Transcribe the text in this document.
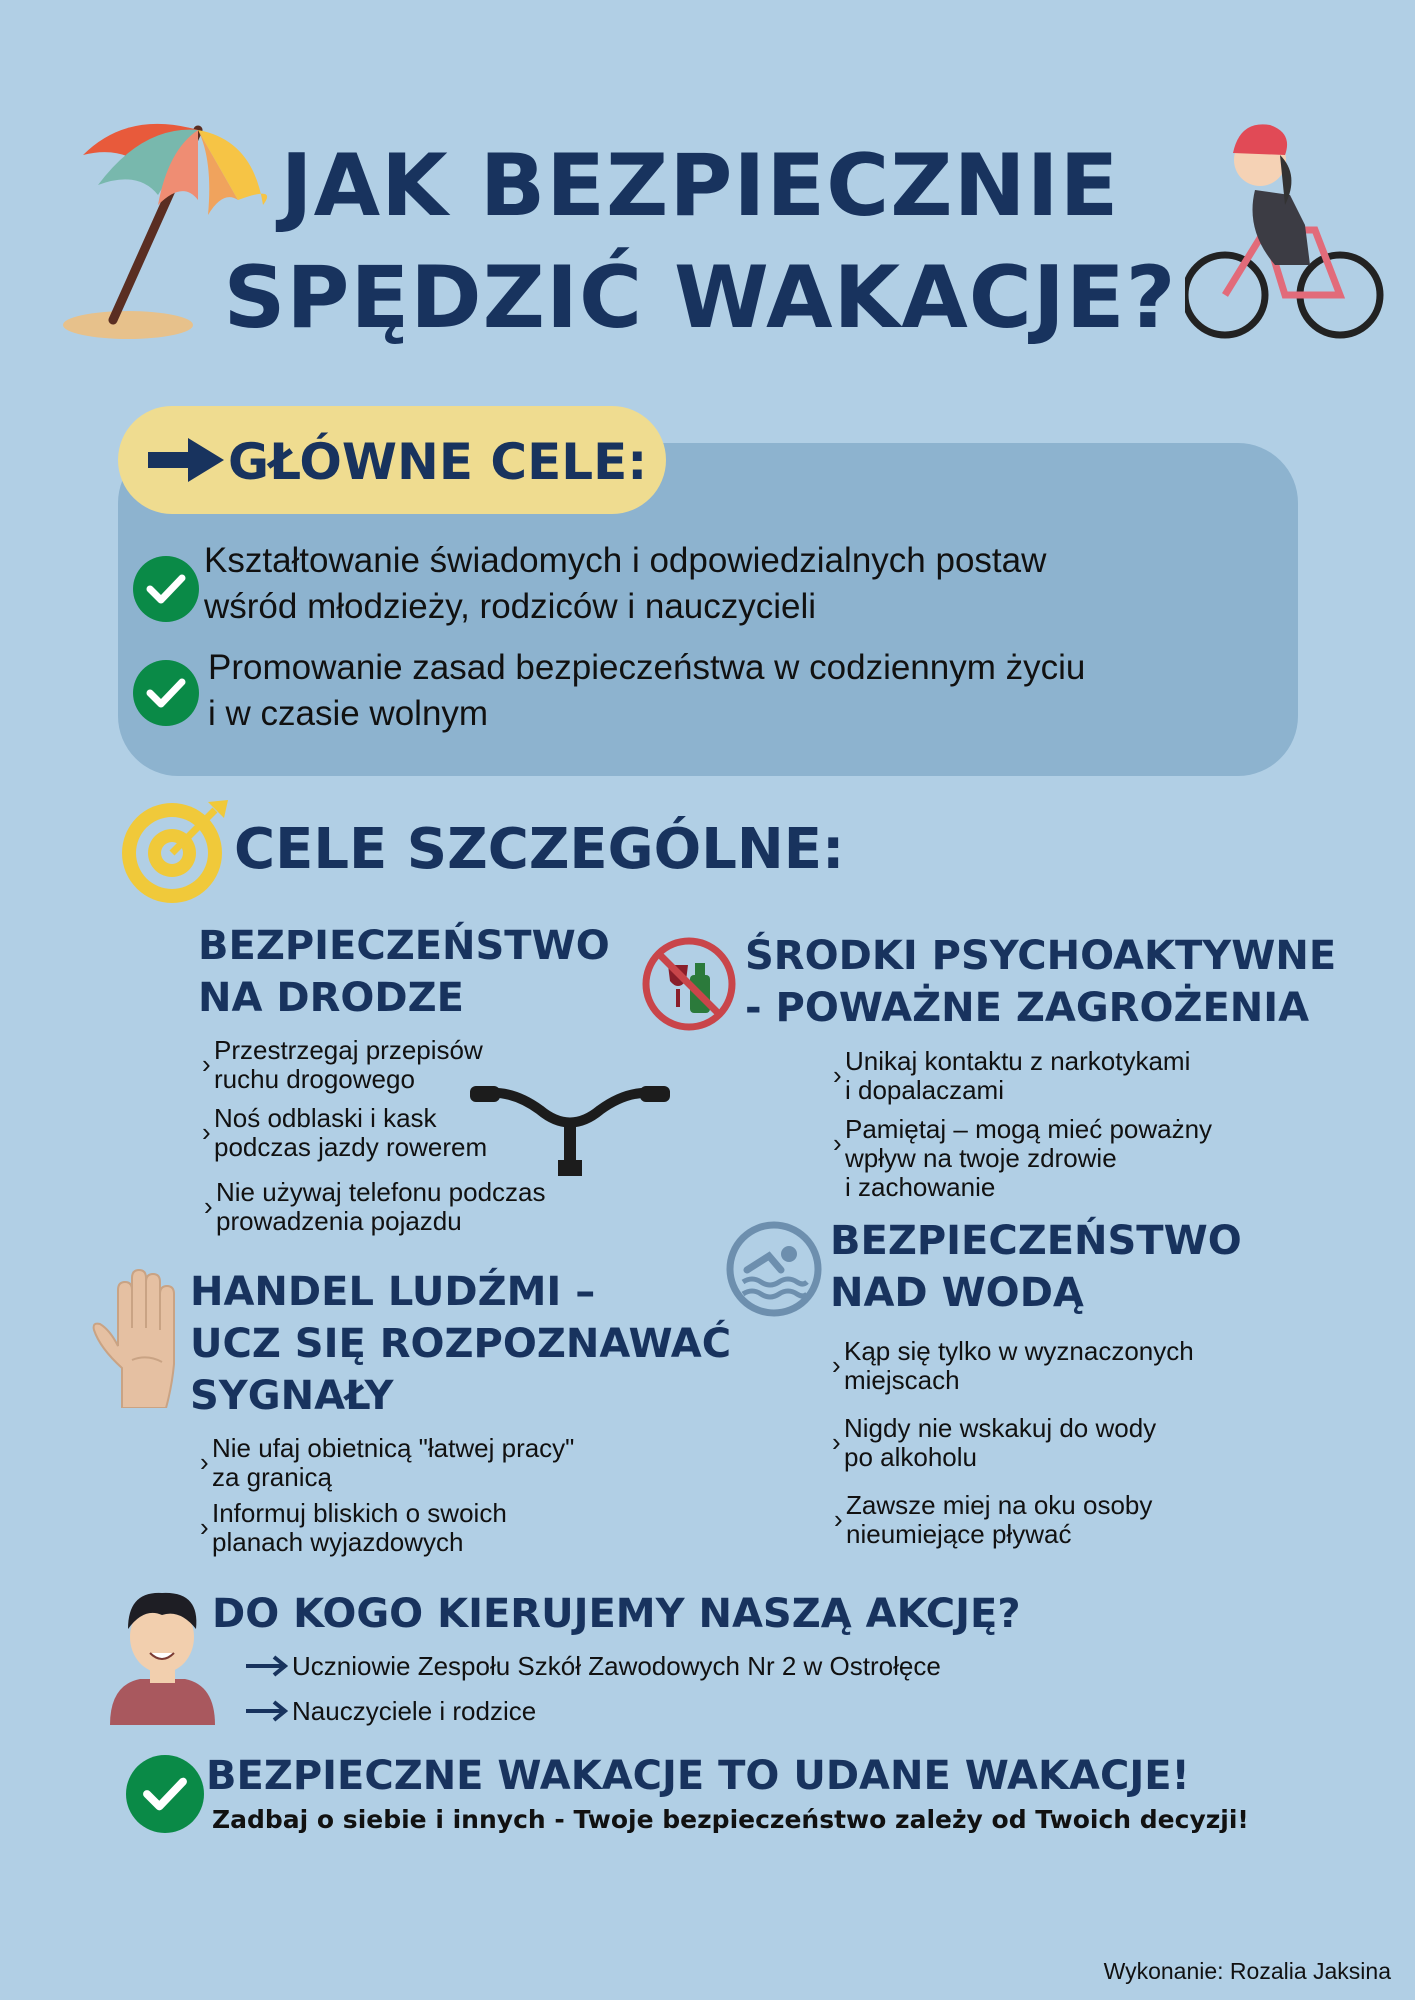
JAK BEZPIECZNIE
SPĘDZIĆ WAKACJE?
GŁÓWNE CELE:
Kształtowanie świadomych i odpowiedzialnych postaw
wśród młodzieży, rodziców i nauczycieli
Promowanie zasad bezpieczeństwa w codziennym życiu
i w czasie wolnym
CELE SZCZEGÓLNE:
BEZPIECZEŃSTWO
NA DRODZE
› Przestrzegaj przepisów
ruchu drogowego
› Noś odblaski i kask
podczas jazdy rowerem
› Nie używaj telefonu podczas
prowadzenia pojazdu
ŚRODKI PSYCHOAKTYWNE
- POWAŻNE ZAGROŻENIA
› Unikaj kontaktu z narkotykami
i dopalaczami
› Pamiętaj – mogą mieć poważny
wpływ na twoje zdrowie
i zachowanie
BEZPIECZEŃSTWO
NAD WODĄ
› Kąp się tylko w wyznaczonych
miejscach
› Nigdy nie wskakuj do wody
po alkoholu
› Zawsze miej na oku osoby
nieumiejące pływać
HANDEL LUDŹMI –
UCZ SIĘ ROZPOZNAWAĆ
SYGNAŁY
› Nie ufaj obietnicą "łatwej pracy"
za granicą
› Informuj bliskich o swoich
planach wyjazdowych
DO KOGO KIERUJEMY NASZĄ AKCJĘ?
Uczniowie Zespołu Szkół Zawodowych Nr 2 w Ostrołęce
Nauczyciele i rodzice
BEZPIECZNE WAKACJE TO UDANE WAKACJE!
Zadbaj o siebie i innych - Twoje bezpieczeństwo zależy od Twoich decyzji!
Wykonanie: Rozalia Jaksina
